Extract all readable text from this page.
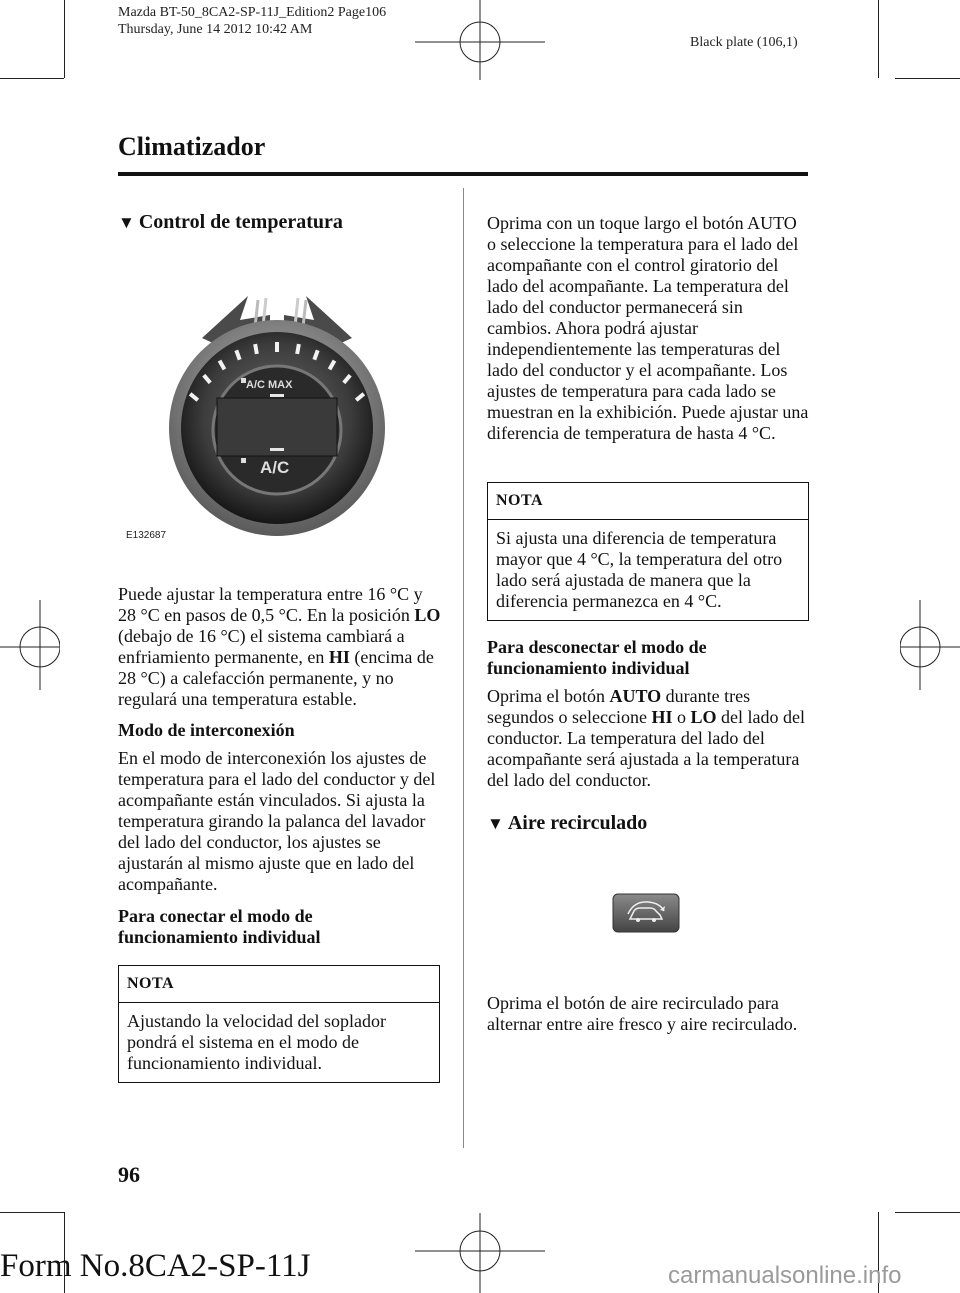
Mazda BT-50_8CA2-SP-11J_Edition2 Page106
Thursday, June 14 2012 10:42 AM
Black plate (106,1)
Climatizador
▼ Control de temperatura
A/C MAX
A/C
E132687
Puede ajustar la temperatura entre 16 °C y 28 °C en pasos de 0,5 °C. En la posición LO (debajo de 16 °C) el sistema cambiará a enfriamiento permanente, en HI (encima de 28 °C) a calefacción permanente, y no regulará una temperatura estable.
Modo de interconexión
En el modo de interconexión los ajustes de temperatura para el lado del conductor y del acompañante están vinculados. Si ajusta la temperatura girando la palanca del lavador del lado del conductor, los ajustes se ajustarán al mismo ajuste que en lado del acompañante.
Para conectar el modo de funcionamiento individual
NOTA
Ajustando la velocidad del soplador pondrá el sistema en el modo de funcionamiento individual.
Oprima con un toque largo el botón AUTO o seleccione la temperatura para el lado del acompañante con el control giratorio del lado del acompañante. La temperatura del lado del conductor permanecerá sin cambios. Ahora podrá ajustar independientemente las temperaturas del lado del conductor y el acompañante. Los ajustes de temperatura para cada lado se muestran en la exhibición. Puede ajustar una diferencia de temperatura de hasta 4 °C.
NOTA
Si ajusta una diferencia de temperatura mayor que 4 °C, la temperatura del otro lado será ajustada de manera que la diferencia permanezca en 4 °C.
Para desconectar el modo de funcionamiento individual
Oprima el botón AUTO durante tres segundos o seleccione HI o LO del lado del conductor. La temperatura del lado del acompañante será ajustada a la temperatura del lado del conductor.
▼ Aire recirculado
Oprima el botón de aire recirculado para alternar entre aire fresco y aire recirculado.
96
Form No.8CA2-SP-11J	carmanualsonline.info
